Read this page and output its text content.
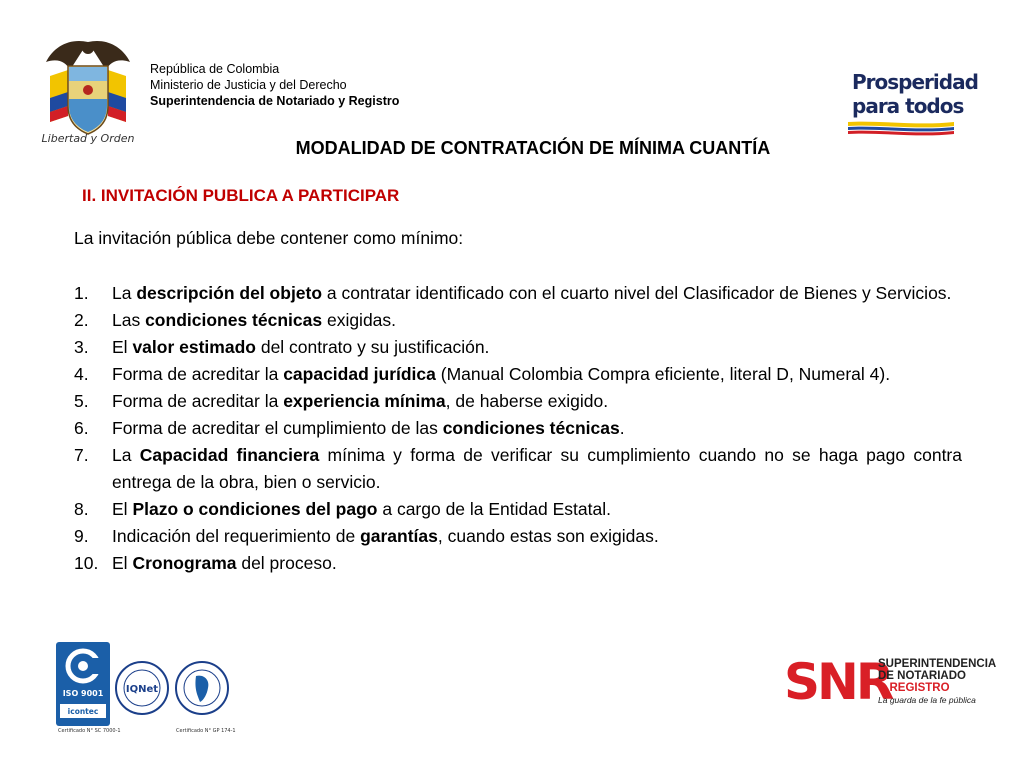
Libertad y Orden
República de Colombia
Ministerio de Justicia y del Derecho
Superintendencia de Notariado y Registro
Prosperidad
para todos
MODALIDAD DE CONTRATACIÓN DE MÍNIMA CUANTÍA
II. INVITACIÓN PUBLICA A PARTICIPAR
La invitación pública debe contener como mínimo:
1. La descripción del objeto a contratar identificado con el cuarto nivel del Clasificador de Bienes y Servicios.
2. Las condiciones técnicas exigidas.
3. El valor estimado del contrato y su justificación.
4. Forma de acreditar la capacidad jurídica (Manual Colombia Compra eficiente, literal D, Numeral 4).
5. Forma de acreditar la experiencia mínima, de haberse exigido.
6. Forma de acreditar el cumplimiento de las condiciones técnicas.
7. La Capacidad financiera mínima y forma de verificar su cumplimiento cuando no se haga pago contra entrega de la obra, bien o servicio.
8. El Plazo o condiciones del pago a cargo de la Entidad Estatal.
9. Indicación del requerimiento de garantías, cuando estas son exigidas.
10. El Cronograma del proceso.
ISO 9001
icontec
IQNet
Certificado N° SC 7000-1	Certificado N° GP 174-1
SNR
SUPERINTENDENCIA
DE NOTARIADO
& REGISTRO
La guarda de la fe pública
